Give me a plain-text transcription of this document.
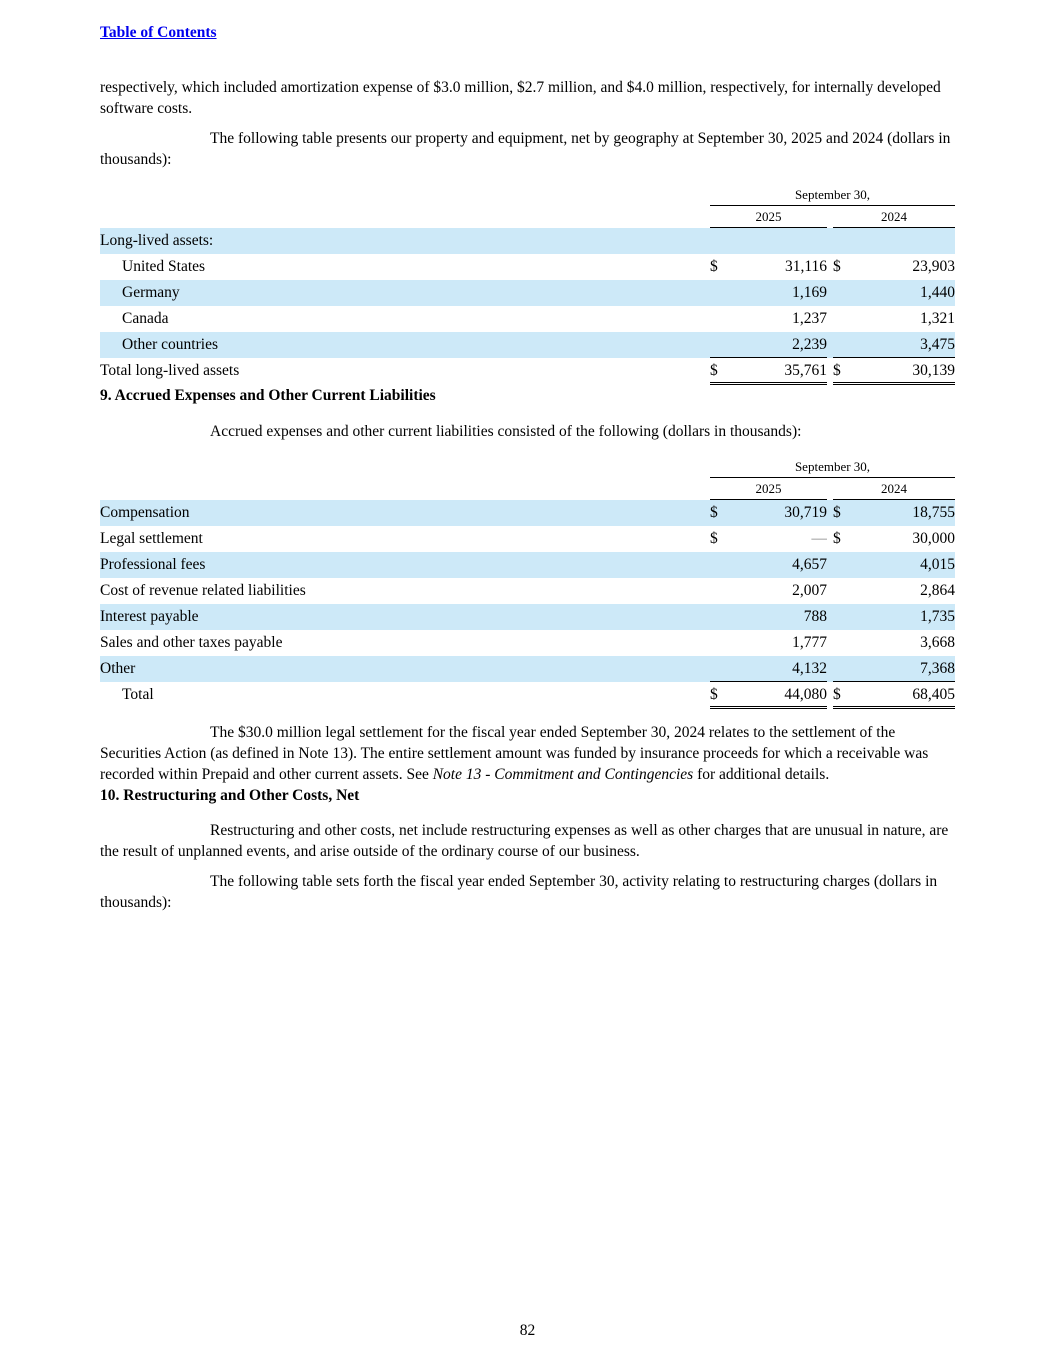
Table of Contents

respectively, which included amortization expense of $3.0 million, $2.7 million, and $4.0 million, respectively, for internally developed software costs.

The following table presents our property and equipment, net by geography at September 30, 2025 and 2024 (dollars in thousands):

	September 30,				
	2025			2024	
Long-lived assets:					
United States	$	31,116		$	23,903
Germany		1,169			1,440
Canada		1,237			1,321
Other countries		2,239			3,475
Total long-lived assets	$	35,761		$	30,139
9. Accrued Expenses and Other Current Liabilities

Accrued expenses and other current liabilities consisted of the following (dollars in thousands):

	September 30,				
	2025			2024	
Compensation	$	30,719		$	18,755
Legal settlement	$	—		$	30,000
Professional fees		4,657			4,015
Cost of revenue related liabilities		2,007			2,864
Interest payable		788			1,735
Sales and other taxes payable		1,777			3,668
Other		4,132			7,368
Total	$	44,080		$	68,405

The $30.0 million legal settlement for the fiscal year ended September 30, 2024 relates to the settlement of the Securities Action (as defined in Note 13). The entire settlement amount was funded by insurance proceeds for which a receivable was recorded within Prepaid and other current assets. See Note 13 - Commitment and Contingencies for additional details.

10. Restructuring and Other Costs, Net

Restructuring and other costs, net include restructuring expenses as well as other charges that are unusual in nature, are the result of unplanned events, and arise outside of the ordinary course of our business.

The following table sets forth the fiscal year ended September 30, activity relating to restructuring charges (dollars in thousands):

82
